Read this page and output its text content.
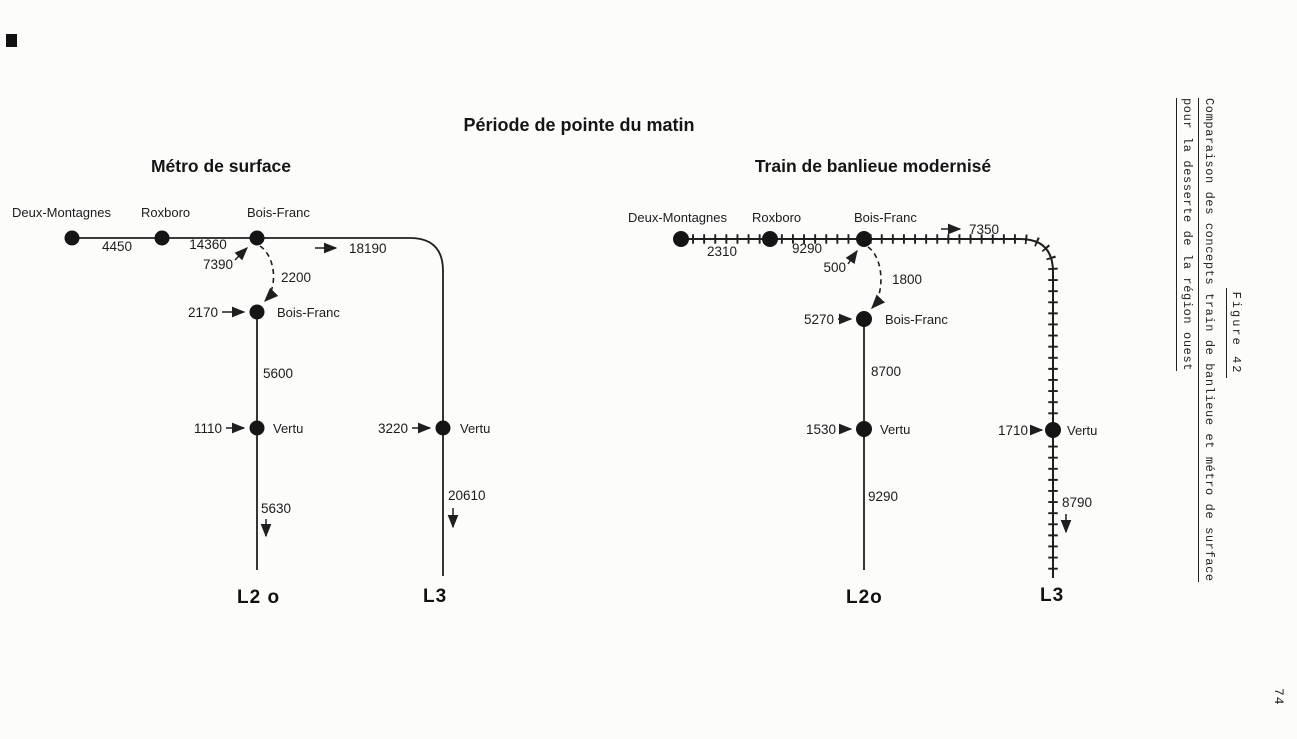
Période de pointe du matin
Métro de surface	Train de banlieue modernisé
Deux-Montagnes Roxboro	Bois-Franc
Bois-Franc
Vertu	Vertu
4450	14360
7390
2200
18190
2170
5600
1110	3220
5630
20610
L2 o	L3
Deux-Montagnes Roxboro	Bois-Franc
Bois-Franc
Vertu	Vertu
2310	9290
500
1800
7350
5270
8700
1530	1710
9290	8790
L2o	L3
Figure 42
Comparaison des concepts train de banlieue et métro de surface
pour la desserte de la région ouest
74
